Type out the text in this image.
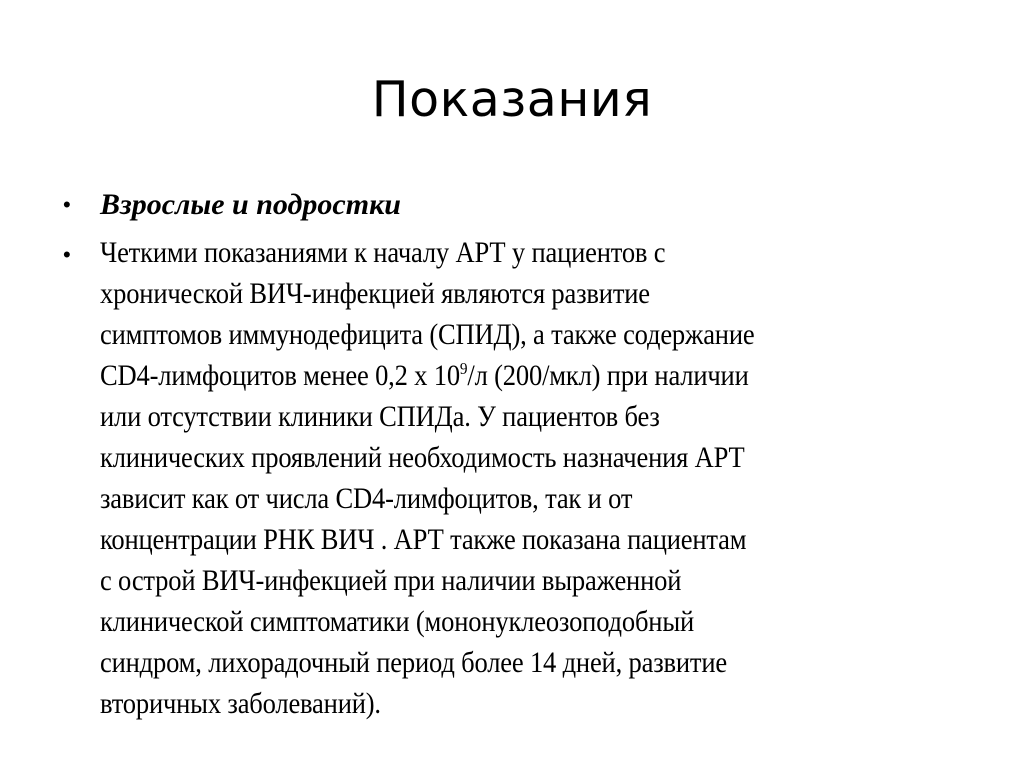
Показания
• Взрослые и подростки
• Четкими показаниями к началу АРТ у пациентов с
хронической ВИЧ-инфекцией являются развитие
симптомов иммунодефицита (СПИД), а также содержание
CD4-лимфоцитов менее 0,2 х $10^9/л$ (200/мкл) при наличии
или отсутствии клиники СПИДа. У пациентов без
клинических проявлений необходимость назначения АРТ
зависит как от числа CD4-лимфоцитов, так и от
концентрации РНК ВИЧ . АРТ также показана пациентам
с острой ВИЧ-инфекцией при наличии выраженной
клинической симптоматики (мононуклеозоподобный
синдром, лихорадочный период более 14 дней, развитие
вторичных заболеваний).
